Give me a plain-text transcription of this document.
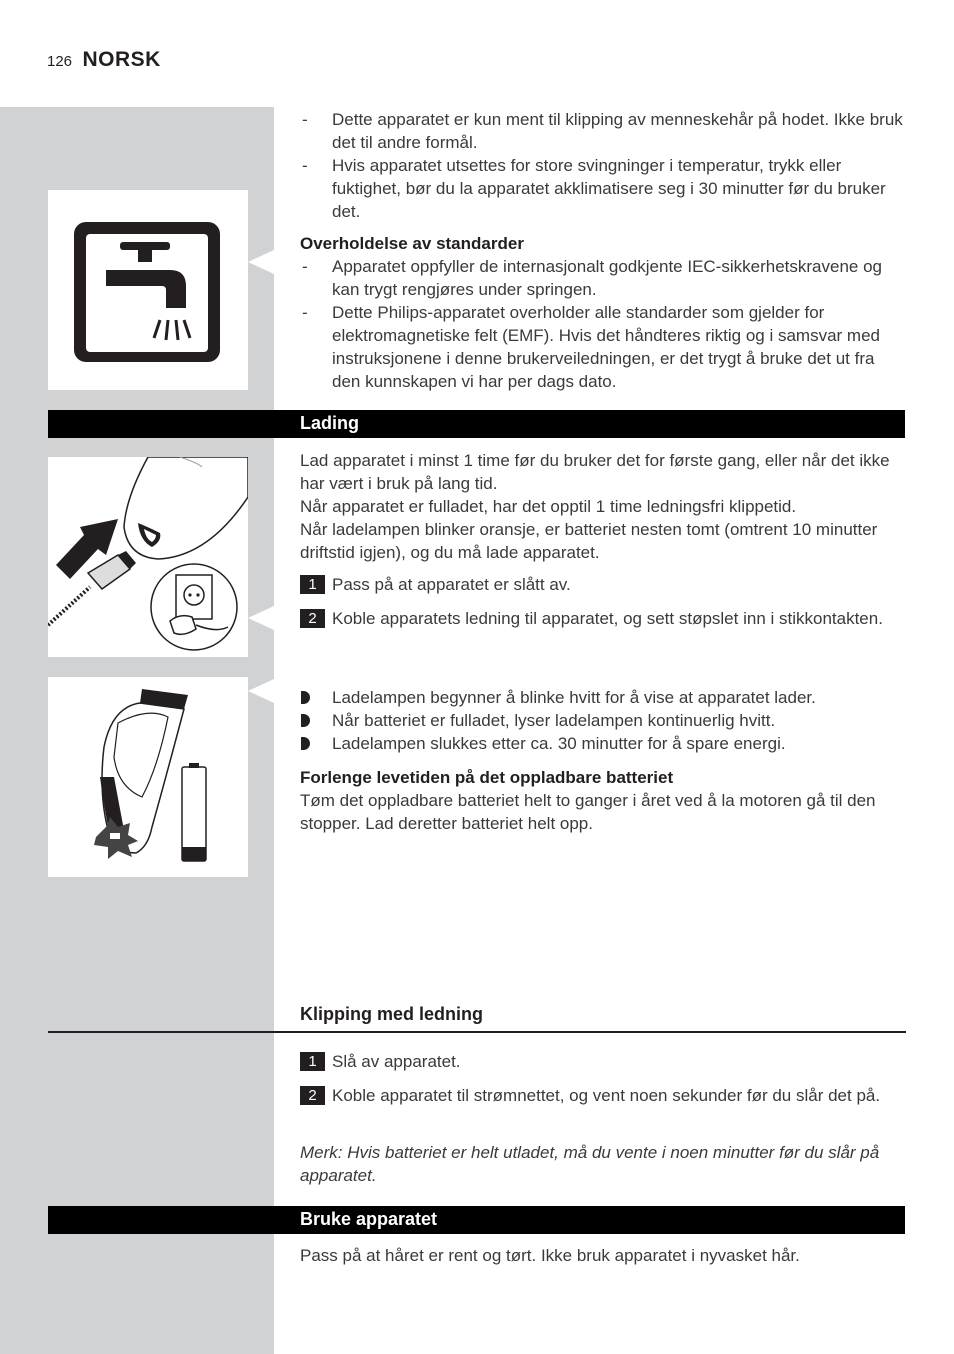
126 NORSK
- Dette apparatet er kun ment til klipping av menneskehår på hodet. Ikke bruk det til andre formål.
- Hvis apparatet utsettes for store svingninger i temperatur, trykk eller fuktighet, bør du la apparatet akklimatisere seg i 30 minutter før du bruker det.
Overholdelse av standarder
- Apparatet oppfyller de internasjonalt godkjente IEC-sikkerhetskravene og kan trygt rengjøres under springen.
- Dette Philips-apparatet overholder alle standarder som gjelder for elektromagnetiske felt (EMF). Hvis det håndteres riktig og i samsvar med instruksjonene i denne brukerveiledningen, er det trygt å bruke det ut fra den kunnskapen vi har per dags dato.
Lading
Lad apparatet i minst 1 time før du bruker det for første gang, eller når det ikke har vært i bruk på lang tid.
Når apparatet er fulladet, har det opptil 1 time ledningsfri klippetid.
Når ladelampen blinker oransje, er batteriet nesten tomt (omtrent 10 minutter driftstid igjen), og du må lade apparatet.
1 Pass på at apparatet er slått av.
2 Koble apparatets ledning til apparatet, og sett støpslet inn i stikkontakten.
Ladelampen begynner å blinke hvitt for å vise at apparatet lader.
Når batteriet er fulladet, lyser ladelampen kontinuerlig hvitt.
Ladelampen slukkes etter ca. 30 minutter for å spare energi.
Forlenge levetiden på det oppladbare batteriet
Tøm det oppladbare batteriet helt to ganger i året ved å la motoren gå til den stopper. Lad deretter batteriet helt opp.
Klipping med ledning
1 Slå av apparatet.
2 Koble apparatet til strømnettet, og vent noen sekunder før du slår det på.
Merk: Hvis batteriet er helt utladet, må du vente i noen minutter før du slår på apparatet.
Bruke apparatet
Pass på at håret er rent og tørt. Ikke bruk apparatet i nyvasket hår.
